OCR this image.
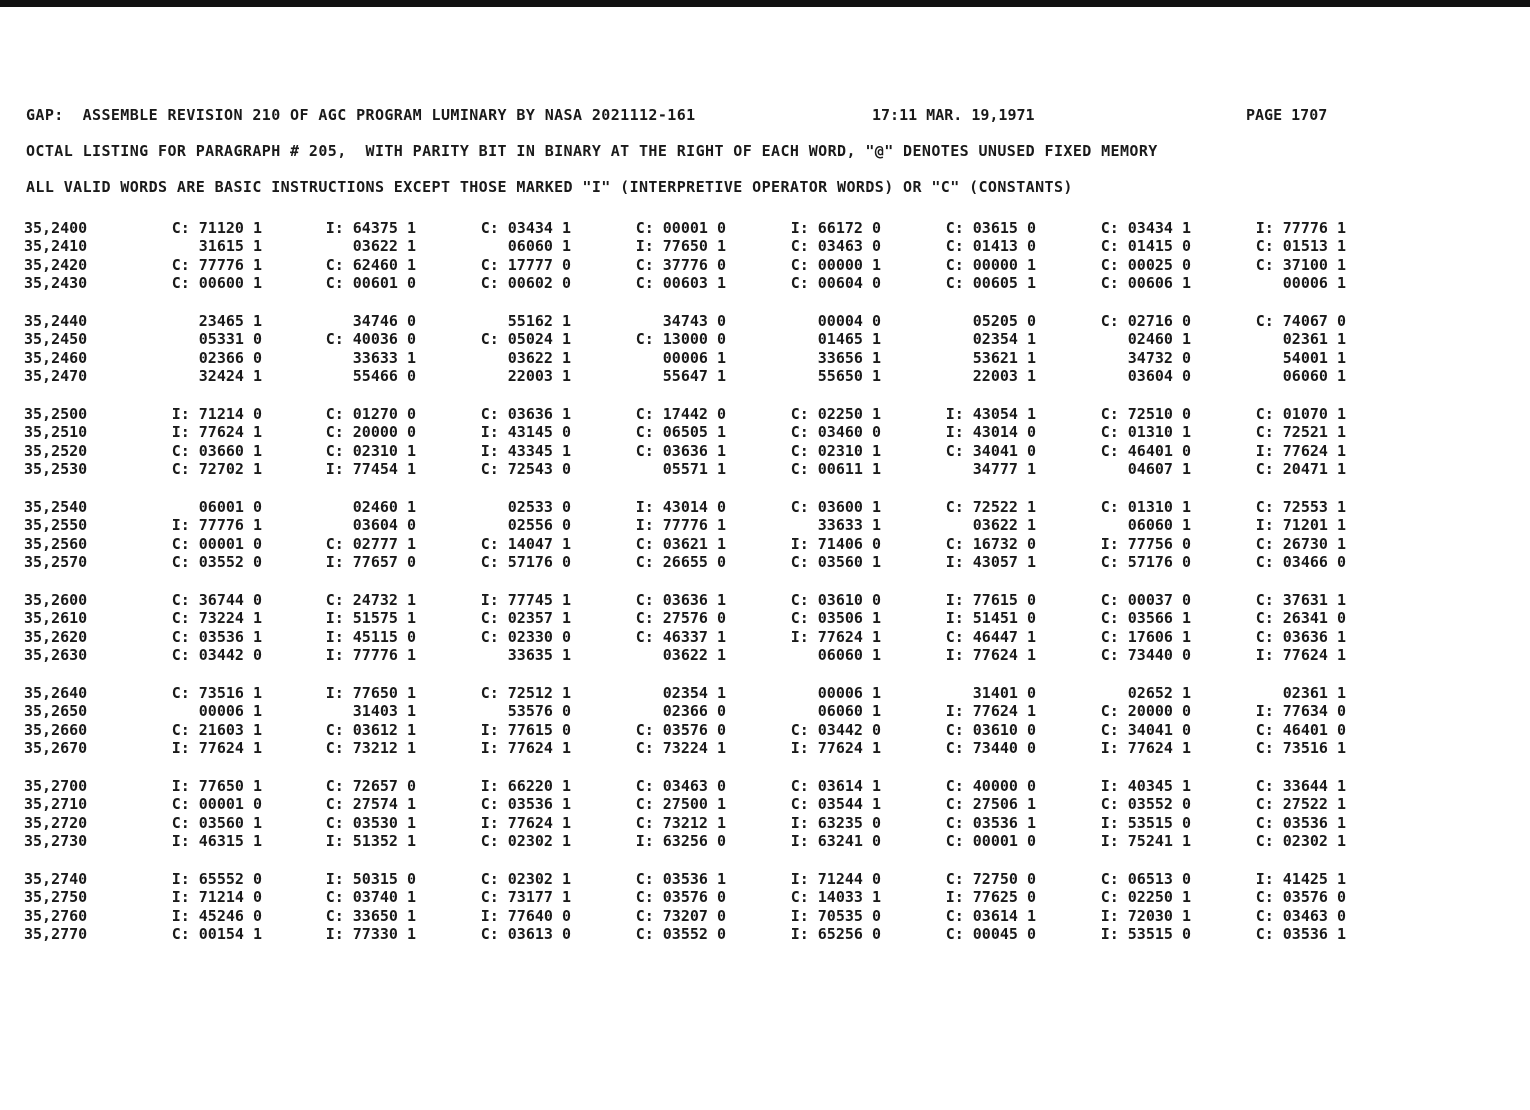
GAP:  ASSEMBLE REVISION 210 OF AGC PROGRAM LUMINARY BY NASA 2021112-161	17:11 MAR. 19,1971	PAGE 1707
OCTAL LISTING FOR PARAGRAPH # 205,  WITH PARITY BIT IN BINARY AT THE RIGHT OF EACH WORD, "@" DENOTES UNUSED FIXED MEMORY
ALL VALID WORDS ARE BASIC INSTRUCTIONS EXCEPT THOSE MARKED "I" (INTERPRETIVE OPERATOR WORDS) OR "C" (CONSTANTS)
35,2400	C: 71120 1	I: 64375 1	C: 03434 1	C: 00001 0	I: 66172 0	C: 03615 0	C: 03434 1	I: 77776 1
35,2410	31615 1	03622 1	06060 1	I: 77650 1	C: 03463 0	C: 01413 0	C: 01415 0	C: 01513 1
35,2420	C: 77776 1	C: 62460 1	C: 17777 0	C: 37776 0	C: 00000 1	C: 00000 1	C: 00025 0	C: 37100 1
35,2430	C: 00600 1	C: 00601 0	C: 00602 0	C: 00603 1	C: 00604 0	C: 00605 1	C: 00606 1	00006 1
35,2440	23465 1	34746 0	55162 1	34743 0	00004 0	05205 0	C: 02716 0	C: 74067 0
35,2450	05331 0	C: 40036 0	C: 05024 1	C: 13000 0	01465 1	02354 1	02460 1	02361 1
35,2460	02366 0	33633 1	03622 1	00006 1	33656 1	53621 1	34732 0	54001 1
35,2470	32424 1	55466 0	22003 1	55647 1	55650 1	22003 1	03604 0	06060 1
35,2500	I: 71214 0	C: 01270 0	C: 03636 1	C: 17442 0	C: 02250 1	I: 43054 1	C: 72510 0	C: 01070 1
35,2510	I: 77624 1	C: 20000 0	I: 43145 0	C: 06505 1	C: 03460 0	I: 43014 0	C: 01310 1	C: 72521 1
35,2520	C: 03660 1	C: 02310 1	I: 43345 1	C: 03636 1	C: 02310 1	C: 34041 0	C: 46401 0	I: 77624 1
35,2530	C: 72702 1	I: 77454 1	C: 72543 0	05571 1	C: 00611 1	34777 1	04607 1	C: 20471 1
35,2540	06001 0	02460 1	02533 0	I: 43014 0	C: 03600 1	C: 72522 1	C: 01310 1	C: 72553 1
35,2550	I: 77776 1	03604 0	02556 0	I: 77776 1	33633 1	03622 1	06060 1	I: 71201 1
35,2560	C: 00001 0	C: 02777 1	C: 14047 1	C: 03621 1	I: 71406 0	C: 16732 0	I: 77756 0	C: 26730 1
35,2570	C: 03552 0	I: 77657 0	C: 57176 0	C: 26655 0	C: 03560 1	I: 43057 1	C: 57176 0	C: 03466 0
35,2600	C: 36744 0	C: 24732 1	I: 77745 1	C: 03636 1	C: 03610 0	I: 77615 0	C: 00037 0	C: 37631 1
35,2610	C: 73224 1	I: 51575 1	C: 02357 1	C: 27576 0	C: 03506 1	I: 51451 0	C: 03566 1	C: 26341 0
35,2620	C: 03536 1	I: 45115 0	C: 02330 0	C: 46337 1	I: 77624 1	C: 46447 1	C: 17606 1	C: 03636 1
35,2630	C: 03442 0	I: 77776 1	33635 1	03622 1	06060 1	I: 77624 1	C: 73440 0	I: 77624 1
35,2640	C: 73516 1	I: 77650 1	C: 72512 1	02354 1	00006 1	31401 0	02652 1	02361 1
35,2650	00006 1	31403 1	53576 0	02366 0	06060 1	I: 77624 1	C: 20000 0	I: 77634 0
35,2660	C: 21603 1	C: 03612 1	I: 77615 0	C: 03576 0	C: 03442 0	C: 03610 0	C: 34041 0	C: 46401 0
35,2670	I: 77624 1	C: 73212 1	I: 77624 1	C: 73224 1	I: 77624 1	C: 73440 0	I: 77624 1	C: 73516 1
35,2700	I: 77650 1	C: 72657 0	I: 66220 1	C: 03463 0	C: 03614 1	C: 40000 0	I: 40345 1	C: 33644 1
35,2710	C: 00001 0	C: 27574 1	C: 03536 1	C: 27500 1	C: 03544 1	C: 27506 1	C: 03552 0	C: 27522 1
35,2720	C: 03560 1	C: 03530 1	I: 77624 1	C: 73212 1	I: 63235 0	C: 03536 1	I: 53515 0	C: 03536 1
35,2730	I: 46315 1	I: 51352 1	C: 02302 1	I: 63256 0	I: 63241 0	C: 00001 0	I: 75241 1	C: 02302 1
35,2740	I: 65552 0	I: 50315 0	C: 02302 1	C: 03536 1	I: 71244 0	C: 72750 0	C: 06513 0	I: 41425 1
35,2750	I: 71214 0	C: 03740 1	C: 73177 1	C: 03576 0	C: 14033 1	I: 77625 0	C: 02250 1	C: 03576 0
35,2760	I: 45246 0	C: 33650 1	I: 77640 0	C: 73207 0	I: 70535 0	C: 03614 1	I: 72030 1	C: 03463 0
35,2770	C: 00154 1	I: 77330 1	C: 03613 0	C: 03552 0	I: 65256 0	C: 00045 0	I: 53515 0	C: 03536 1
